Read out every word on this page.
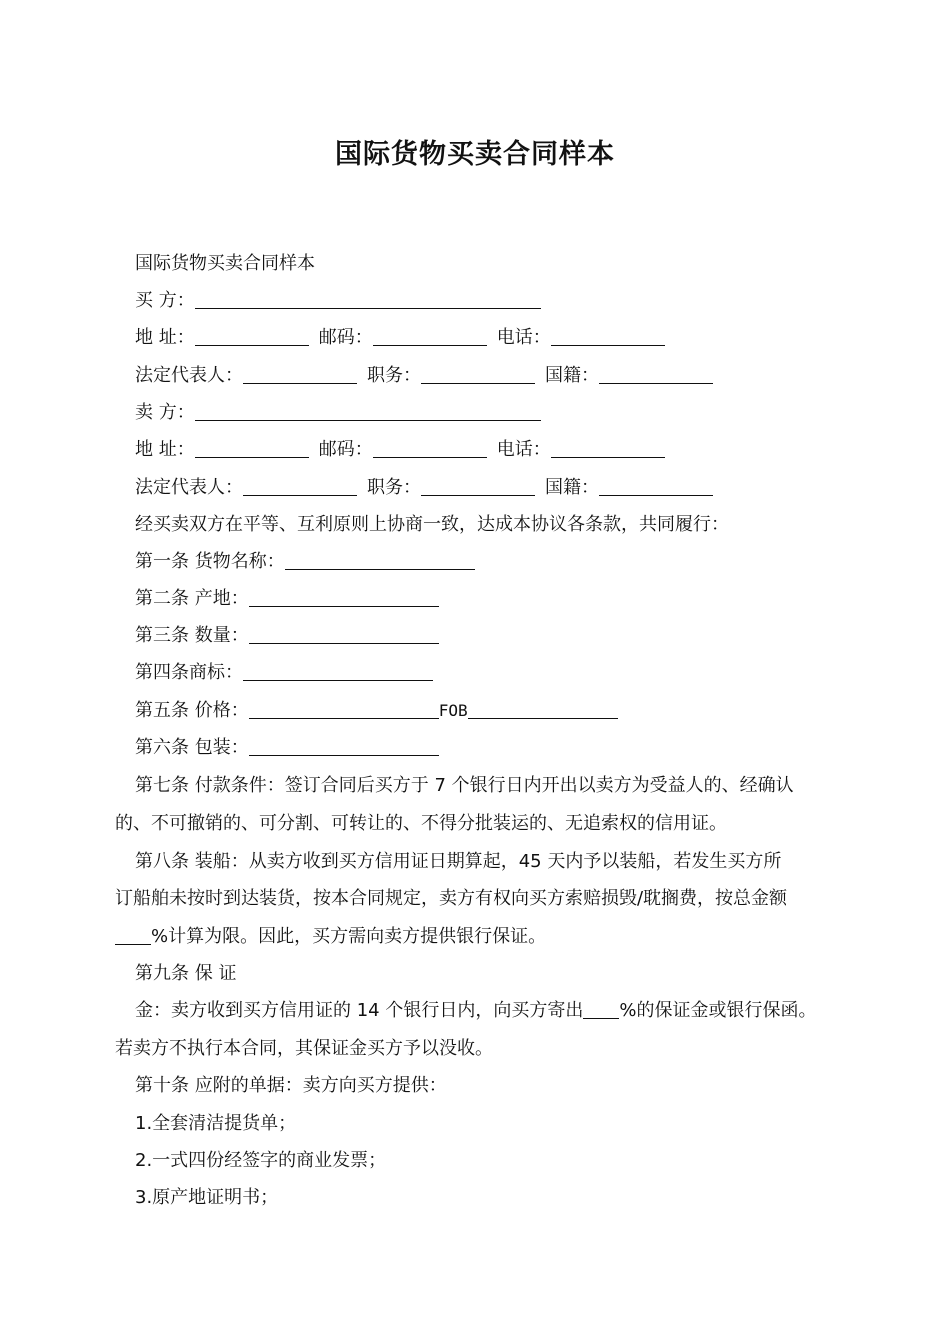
国际货物买卖合同样本
国际货物买卖合同样本
买 方：
地 址：	邮码：	电话：
法定代表人：	职务：	国籍：
卖 方：
地 址：	邮码：	电话：
法定代表人：	职务：	国籍：
经买卖双方在平等、互利原则上协商一致，达成本协议各条款，共同履行：
第一条 货物名称：
第二条 产地：
第三条 数量：
第四条商标：
第五条 价格：	FOB
第六条 包装：
第七条 付款条件：签订合同后买方于 7 个银行日内开出以卖方为受益人的、经确认
的、不可撤销的、可分割、可转让的、不得分批装运的、无追索权的信用证。
第八条 装船：从卖方收到买方信用证日期算起，45 天内予以装船，若发生买方所
订船舶未按时到达装货，按本合同规定，卖方有权向买方索赔损毁/耽搁费，按总金额
%计算为限。因此，买方需向卖方提供银行保证。
第九条 保 证
金：卖方收到买方信用证的 14 个银行日内，向买方寄出 %的保证金或银行保函。
若卖方不执行本合同，其保证金买方予以没收。
第十条 应附的单据：卖方向买方提供：
1.全套清洁提货单；
2.一式四份经签字的商业发票；
3.原产地证明书；
